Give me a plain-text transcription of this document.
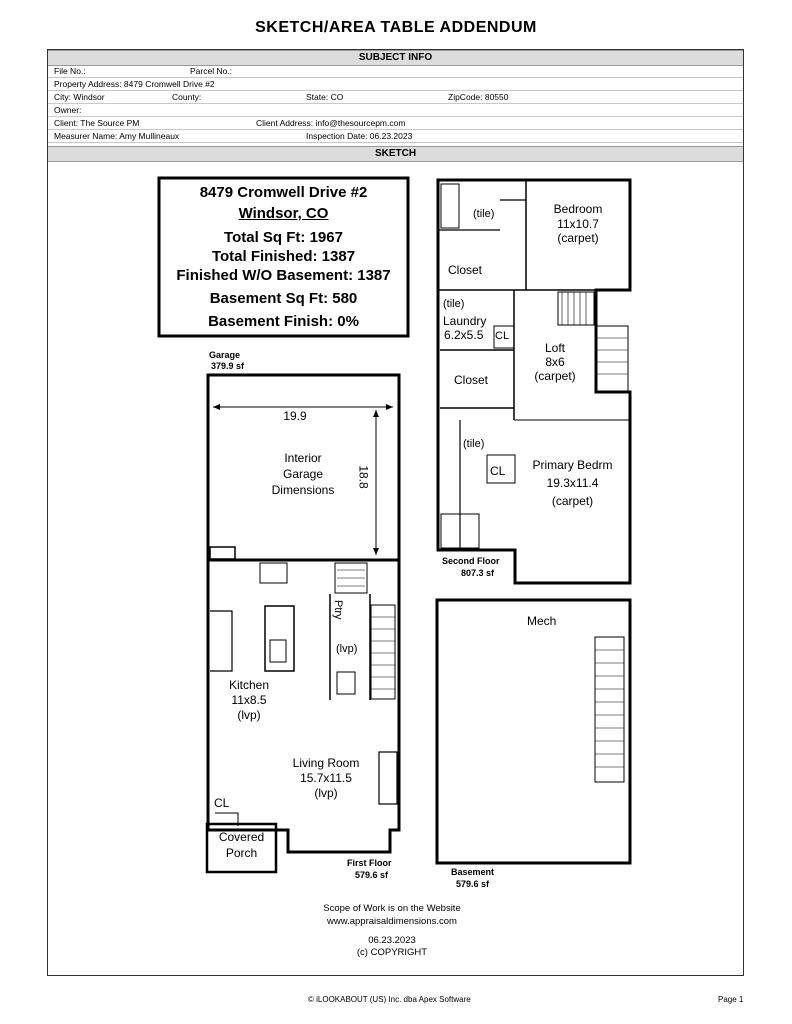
SKETCH/AREA TABLE ADDENDUM
SUBJECT INFO
File No.:	Parcel No.:
Property Address: 8479 Cromwell Drive #2
City: Windsor	County:	State: CO	ZipCode: 80550
Owner:
Client: The Source PM	Client Address: info@thesourcepm.com
Measurer Name: Amy Mullineaux	Inspection Date: 06.23.2023
SKETCH
8479 Cromwell Drive #2
Windsor, CO
Total Sq Ft: 1967
Total Finished: 1387
Finished W/O Basement: 1387
Basement Sq Ft: 580
Basement Finish: 0%
Garage
379.9 sf
19.9
18.8
Interior
Garage
Dimensions
Ptry
(lvp)
Kitchen
11x8.5
(lvp)
Living Room
15.7x11.5
(lvp)
CL
Covered
Porch
First Floor
579.6 sf
(tile)	Bedroom
11x10.7
(carpet)
Closet
(tile)
Laundry
6.2x5.5 CL
Loft
8x6
(carpet)
Closet
(tile)
CL	Primary Bedrm
19.3x11.4
(carpet)
Second Floor
807.3 sf
Mech
Basement
579.6 sf
Scope of Work is on the Website
www.appraisaldimensions.com
06.23.2023
(c) COPYRIGHT
© iLOOKABOUT (US) Inc. dba Apex Software	Page 1
